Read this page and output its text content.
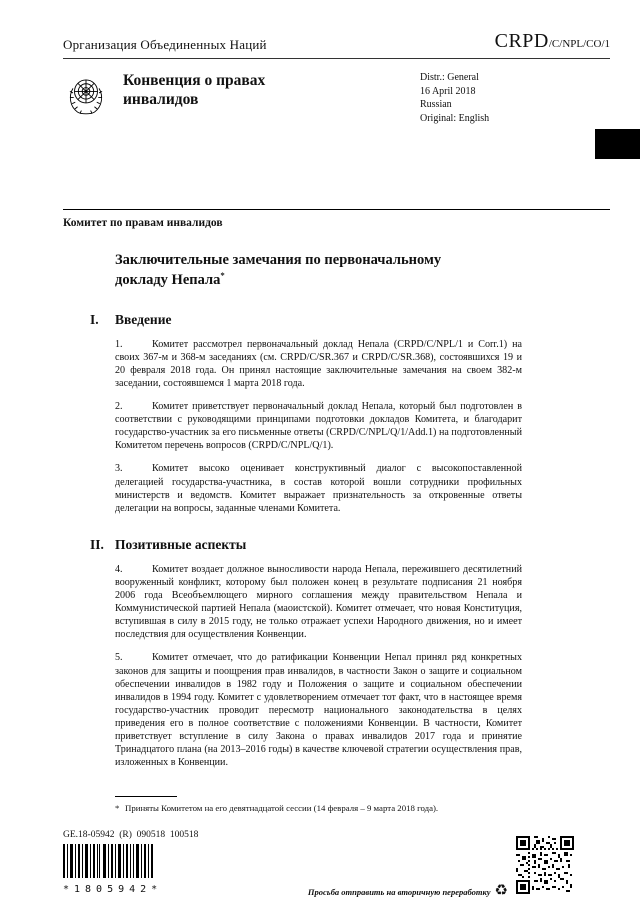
Организация Объединенных Наций	CRPD /C/NPL/CO/1
Конвенция о правах инвалидов
Distr.: General
16 April 2018
Russian
Original: English
Комитет по правам инвалидов
Заключительные замечания по первоначальному докладу Непала*
I. Введение

1.	Комитет рассмотрел первоначальный доклад Непала (CRPD/C/NPL/1 и Corr.1) на своих 367-м и 368-м заседаниях (см. CRPD/C/SR.367 и CRPD/C/SR.368), состоявшихся 19 и 20 февраля 2018 года. Он принял настоящие заключительные замечания на своем 382-м заседании, состоявшемся 1 марта 2018 года.

2.	Комитет приветствует первоначальный доклад Непала, который был подготовлен в соответствии с руководящими принципами подготовки докладов Комитета, и благодарит государство-участник за его письменные ответы (CRPD/C/NPL/Q/1/Add.1) на подготовленный Комитетом перечень вопросов (CRPD/C/NPL/Q/1).

3.	Комитет высоко оценивает конструктивный диалог с высокопоставленной делегацией государства-участника, в состав которой вошли сотрудники профильных министерств и ведомств. Комитет выражает признательность за откровенные ответы делегации на вопросы, заданные членами Комитета.

II. Позитивные аспекты

4.	Комитет воздает должное выносливости народа Непала, пережившего десятилетний вооруженный конфликт, которому был положен конец в результате подписания 21 ноября 2006 года Всеобъемлющего мирного соглашения между правительством Непала и Коммунистической партией Непала (маоистской). Комитет отмечает, что новая Конституция, вступившая в силу в 2015 году, не только отражает успехи Народного движения, но и имеет последствия для осуществления Конвенции.

5.	Комитет отмечает, что до ратификации Конвенции Непал принял ряд конкретных законов для защиты и поощрения прав инвалидов, в частности Закон о защите и социальном обеспечении инвалидов в 1982 году и Положения о защите и социальном обеспечении инвалидов в 1994 году. Комитет с удовлетворением отмечает тот факт, что в настоящее время государство-участник проводит пересмотр национального законодательства в целях приведения его в полное соответствие с положениями Конвенции. В частности, Комитет приветствует вступление в силу Закона о правах инвалидов 2017 года и принятие Тринадцатого плана (на 2013–2016 годы) в качестве ключевой стратегии осуществления прав, изложенных в Конвенции.

* Приняты Комитетом на его девятнадцатой сессии (14 февраля – 9 марта 2018 года).
GE.18-05942  (R)  090518  100518
*1805942*	Просьба отправить на вторичную переработку ♻
